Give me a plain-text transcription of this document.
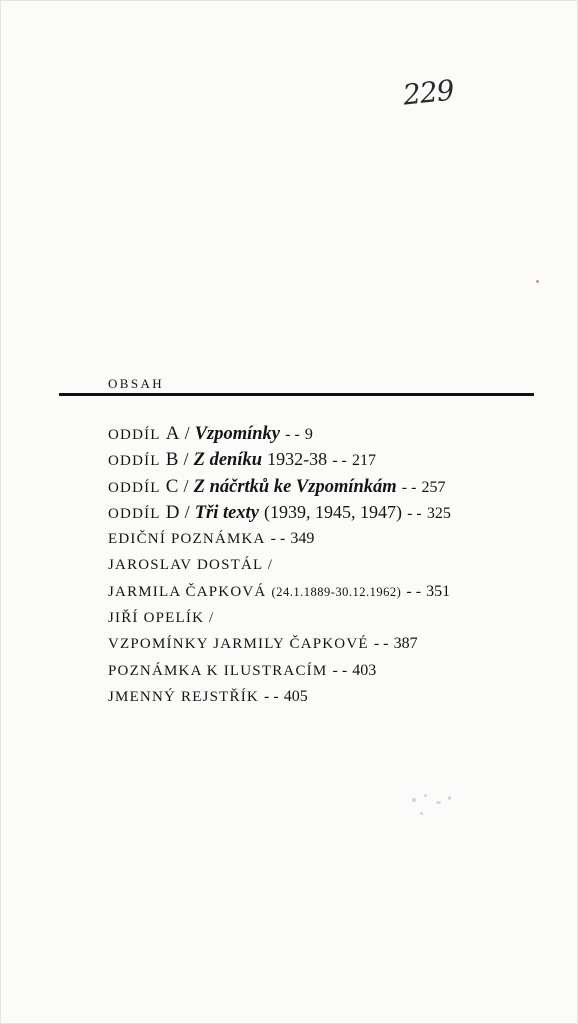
229
OBSAH
ODDÍL A / Vzpomínky - - 9
ODDÍL B / Z deníku 1932-38 - - 217
ODDÍL C / Z náčrtků ke Vzpomínkám - - 257
ODDÍL D / Tři texty (1939, 1945, 1947) - - 325
EDIČNÍ POZNÁMKA - - 349
JAROSLAV DOSTÁL /
JARMILA ČAPKOVÁ (24.1.1889-30.12.1962) - - 351
JIŘÍ OPELÍK /
VZPOMÍNKY JARMILY ČAPKOVÉ - - 387
POZNÁMKA K ILUSTRACÍM - - 403
JMENNÝ REJSTŘÍK - - 405
